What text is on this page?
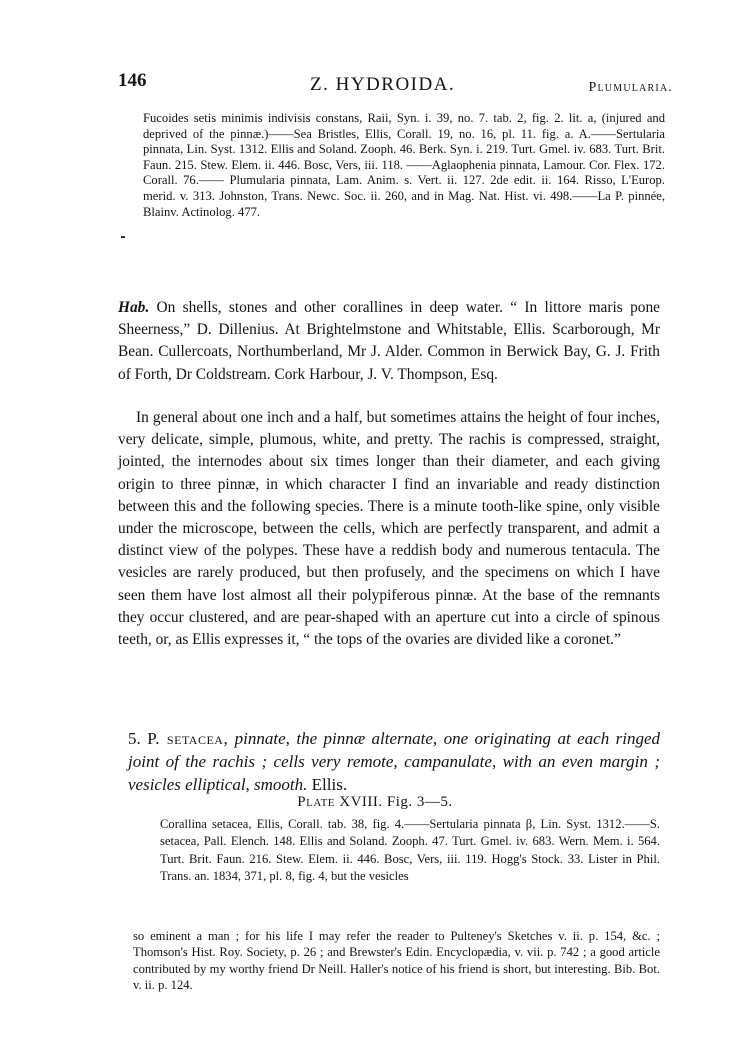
146	Z. HYDROIDA.	Plumularia.

Fucoides setis minimis indivisis constans, Raii, Syn. i. 39, no. 7. tab. 2, fig. 2. lit. a, (injured and deprived of the pinnæ.)——Sea Bristles, Ellis, Corall. 19, no. 16, pl. 11. fig. a. A.——Sertularia pinnata, Lin. Syst. 1312. Ellis and Soland. Zooph. 46. Berk. Syn. i. 219. Turt. Gmel. iv. 683. Turt. Brit. Faun. 215. Stew. Elem. ii. 446. Bosc, Vers, iii. 118. ——Aglaophenia pinnata, Lamour. Cor. Flex. 172. Corall. 76.—— Plumularia pinnata, Lam. Anim. s. Vert. ii. 127. 2de edit. ii. 164. Risso, L'Europ. merid. v. 313. Johnston, Trans. Newc. Soc. ii. 260, and in Mag. Nat. Hist. vi. 498.——La P. pinnée, Blainv. Actinolog. 477.

Hab. On shells, stones and other corallines in deep water. “ In littore maris pone Sheerness,” D. Dillenius. At Brightelmstone and Whitstable, Ellis. Scarborough, Mr Bean. Cullercoats, Northumberland, Mr J. Alder. Common in Berwick Bay, G. J. Frith of Forth, Dr Coldstream. Cork Harbour, J. V. Thompson, Esq.
In general about one inch and a half, but sometimes attains the height of four inches, very delicate, simple, plumous, white, and pretty. The rachis is compressed, straight, jointed, the internodes about six times longer than their diameter, and each giving origin to three pinnæ, in which character I find an invariable and ready distinction between this and the following species. There is a minute tooth-like spine, only visible under the microscope, between the cells, which are perfectly transparent, and admit a distinct view of the polypes. These have a reddish body and numerous tentacula. The vesicles are rarely produced, but then profusely, and the specimens on which I have seen them have lost almost all their polypiferous pinnæ. At the base of the remnants they occur clustered, and are pear-shaped with an aperture cut into a circle of spinous teeth, or, as Ellis expresses it, “ the tops of the ovaries are divided like a coronet.”
5. P. setacea, pinnate, the pinnæ alternate, one originating at each ringed joint of the rachis ; cells very remote, campanulate, with an even margin ; vesicles elliptical, smooth. Ellis.
Plate XVIII. Fig. 3—5.
Corallina setacea, Ellis, Corall. tab. 38, fig. 4.——Sertularia pinnata β, Lin. Syst. 1312.——S. setacea, Pall. Elench. 148. Ellis and Soland. Zooph. 47. Turt. Gmel. iv. 683. Wern. Mem. i. 564. Turt. Brit. Faun. 216. Stew. Elem. ii. 446. Bosc, Vers, iii. 119. Hogg's Stock. 33. Lister in Phil. Trans. an. 1834, 371, pl. 8, fig. 4, but the vesicles
so eminent a man ; for his life I may refer the reader to Pulteney's Sketches v. ii. p. 154, &c. ; Thomson's Hist. Roy. Society, p. 26 ; and Brewster's Edin. Encyclopædia, v. vii. p. 742 ; a good article contributed by my worthy friend Dr Neill. Haller's notice of his friend is short, but interesting. Bib. Bot. v. ii. p. 124.
